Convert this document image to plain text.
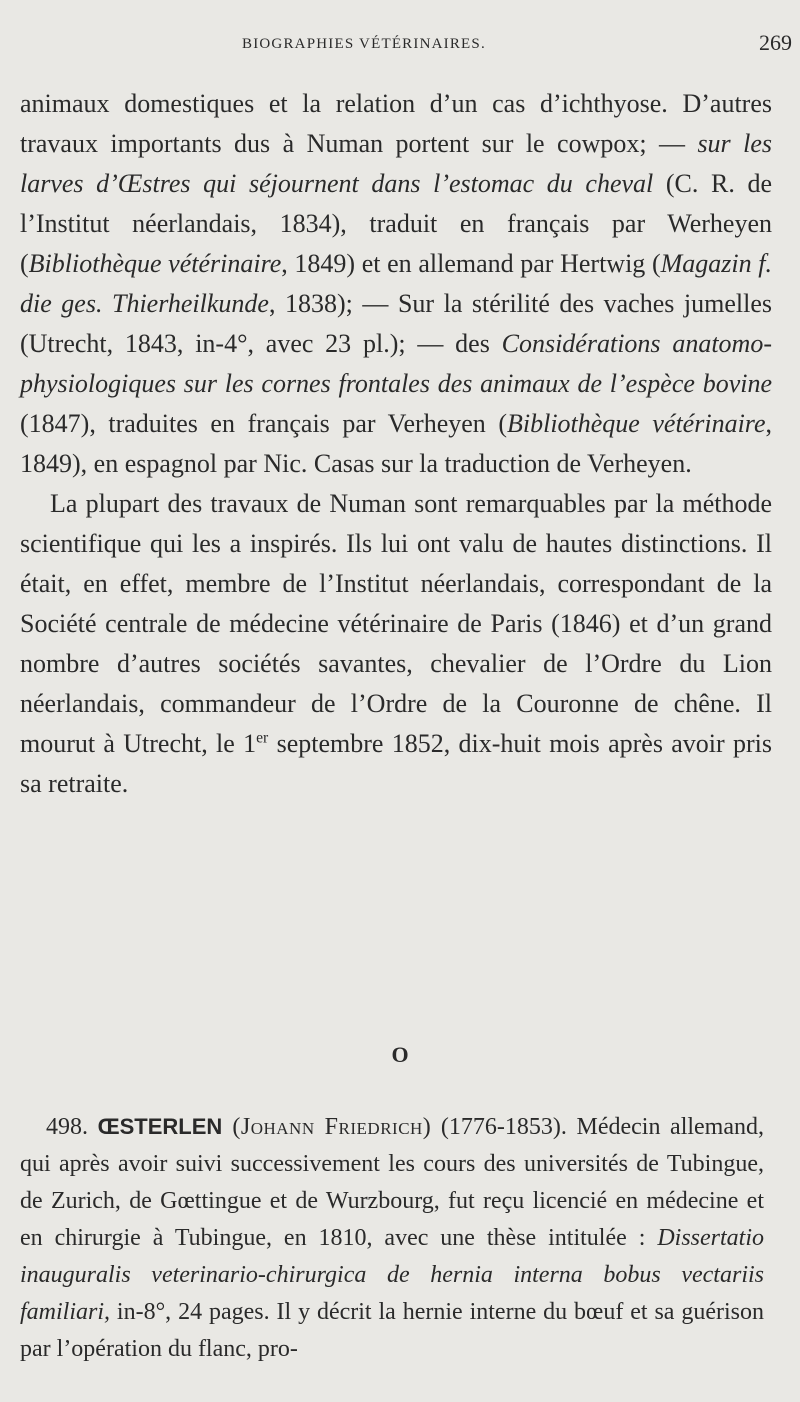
BIOGRAPHIES VÉTÉRINAIRES.	269

animaux domestiques et la relation d’un cas d’ichthyose. D’autres travaux importants dus à Numan portent sur le cowpox; — sur les larves d’Œstres qui séjournent dans l’estomac du cheval (C. R. de l’Institut néerlandais, 1834), traduit en français par Werheyen (Bibliothèque vétérinaire, 1849) et en allemand par Hertwig (Magazin f. die ges. Thierheilkunde, 1838); — Sur la stérilité des vaches jumelles (Utrecht, 1843, in-4°, avec 23 pl.); — des Considérations anatomo-physiologiques sur les cornes frontales des animaux de l’espèce bovine (1847), traduites en français par Verheyen (Bibliothèque vétérinaire, 1849), en espagnol par Nic. Casas sur la traduction de Verheyen.

La plupart des travaux de Numan sont remarquables par la méthode scientifique qui les a inspirés. Ils lui ont valu de hautes distinctions. Il était, en effet, membre de l’Institut néerlandais, correspondant de la Société centrale de médecine vétérinaire de Paris (1846) et d’un grand nombre d’autres sociétés savantes, chevalier de l’Ordre du Lion néerlandais, commandeur de l’Ordre de la Couronne de chêne. Il mourut à Utrecht, le 1er septembre 1852, dix-huit mois après avoir pris sa retraite.

O

498. ŒSTERLEN (Johann Friedrich) (1776-1853). Médecin allemand, qui après avoir suivi successivement les cours des universités de Tubingue, de Zurich, de Gœttingue et de Wurzbourg, fut reçu licencié en médecine et en chirurgie à Tubingue, en 1810, avec une thèse intitulée : Dissertatio inauguralis veterinario-chirurgica de hernia interna bobus vectariis familiari, in-8°, 24 pages. Il y décrit la hernie interne du bœuf et sa guérison par l’opération du flanc, pro-
